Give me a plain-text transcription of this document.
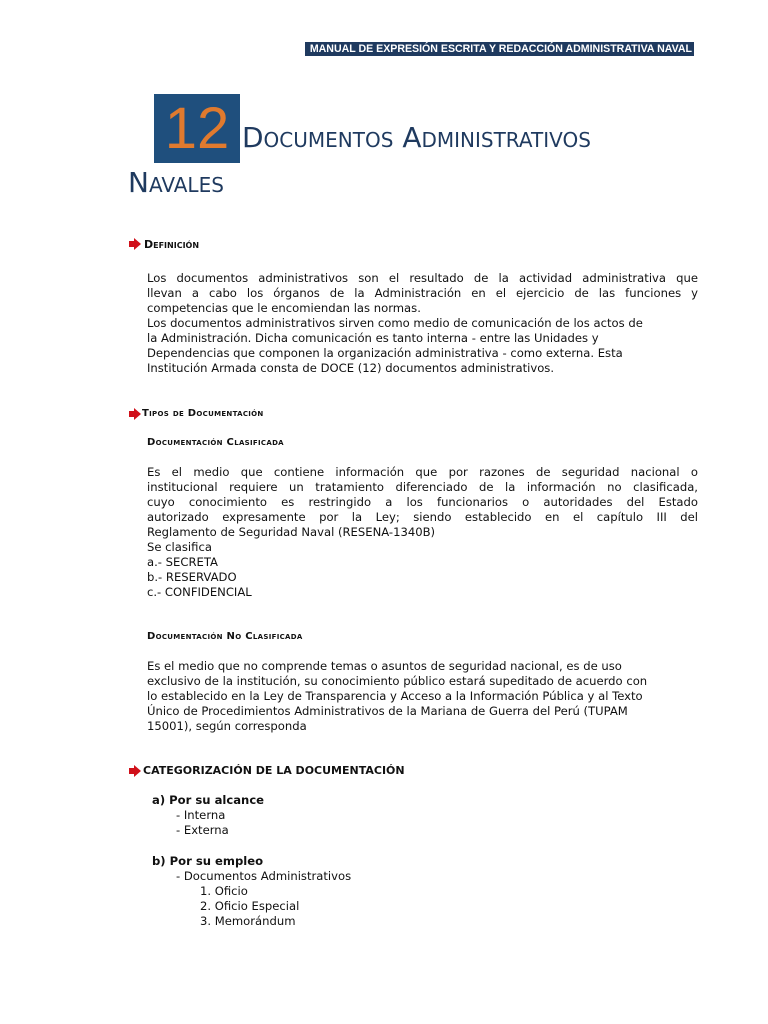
MANUAL DE EXPRESIÓN ESCRITA Y REDACCIÓN ADMINISTRATIVA NAVAL
12 Documentos Administrativos
Navales
Definición
Los documentos administrativos son el resultado de la actividad administrativa que
llevan a cabo los órganos de la Administración en el ejercicio de las funciones y
competencias que le encomiendan las normas.
Los documentos administrativos sirven como medio de comunicación de los actos de
la Administración. Dicha comunicación es tanto interna - entre las Unidades y
Dependencias que componen la organización administrativa - como externa. Esta
Institución Armada consta de DOCE (12) documentos administrativos.
Tipos de Documentación
Documentación Clasificada
Es el medio que contiene información que por razones de seguridad nacional o
institucional requiere un tratamiento diferenciado de la información no clasificada,
cuyo conocimiento es restringido a los funcionarios o autoridades del Estado
autorizado expresamente por la Ley; siendo establecido en el capítulo III del
Reglamento de Seguridad Naval (RESENA-1340B)
Se clasifica
a.- SECRETA
b.- RESERVADO
c.- CONFIDENCIAL
Documentación No Clasificada
Es el medio que no comprende temas o asuntos de seguridad nacional, es de uso
exclusivo de la institución, su conocimiento público estará supeditado de acuerdo con
lo establecido en la Ley de Transparencia y Acceso a la Información Pública y al Texto
Único de Procedimientos Administrativos de la Mariana de Guerra del Perú (TUPAM
15001), según corresponda
CATEGORIZACIÓN DE LA DOCUMENTACIÓN
a) Por su alcance
- Interna
- Externa
b) Por su empleo
- Documentos Administrativos
1. Oficio
2. Oficio Especial
3. Memorándum
